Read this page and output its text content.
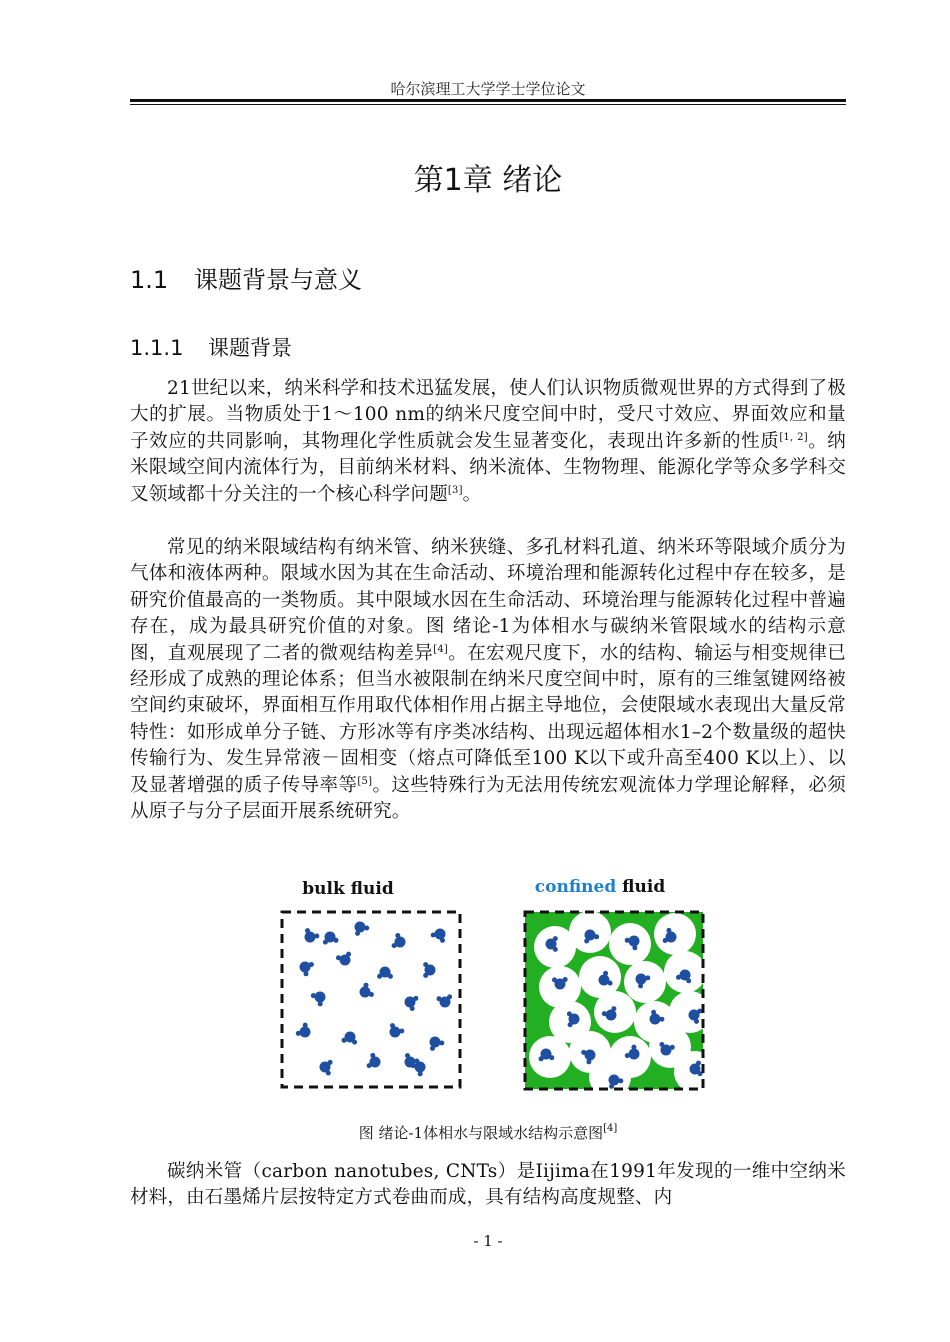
哈尔滨理工大学学士学位论文
第1章 绪论
1.1 课题背景与意义
1.1.1 课题背景
21世纪以来，纳米科学和技术迅猛发展，使人们认识物质微观世界的方式得到了极大的扩展。当物质处于1～100 nm的纳米尺度空间中时，受尺寸效应、界面效应和量子效应的共同影响，其物理化学性质就会发生显著变化，表现出许多新的性质[1, 2]。纳米限域空间内流体行为，目前纳米材料、纳米流体、生物物理、能源化学等众多学科交叉领域都十分关注的一个核心科学问题[3]。
常见的纳米限域结构有纳米管、纳米狭缝、多孔材料孔道、纳米环等限域介质分为气体和液体两种。限域水因为其在生命活动、环境治理和能源转化过程中存在较多，是研究价值最高的一类物质。其中限域水因在生命活动、环境治理与能源转化过程中普遍存在，成为最具研究价值的对象。图 绪论-1为体相水与碳纳米管限域水的结构示意图，直观展现了二者的微观结构差异[4]。在宏观尺度下，水的结构、输运与相变规律已经形成了成熟的理论体系；但当水被限制在纳米尺度空间中时，原有的三维氢键网络被空间约束破坏，界面相互作用取代体相作用占据主导地位，会使限域水表现出大量反常特性：如形成单分子链、方形冰等有序类冰结构、出现远超体相水1–2个数量级的超快传输行为、发生异常液－固相变（熔点可降低至100 K以下或升高至400 K以上）、以及显著增强的质子传导率等[5]。这些特殊行为无法用传统宏观流体力学理论解释，必须从原子与分子层面开展系统研究。
bulk fluid	confined fluid
图 绪论-1体相水与限域水结构示意图[4]
碳纳米管（carbon nanotubes, CNTs）是Iijima在1991年发现的一维中空纳米材料，由石墨烯片层按特定方式卷曲而成，具有结构高度规整、内
- 1 -
